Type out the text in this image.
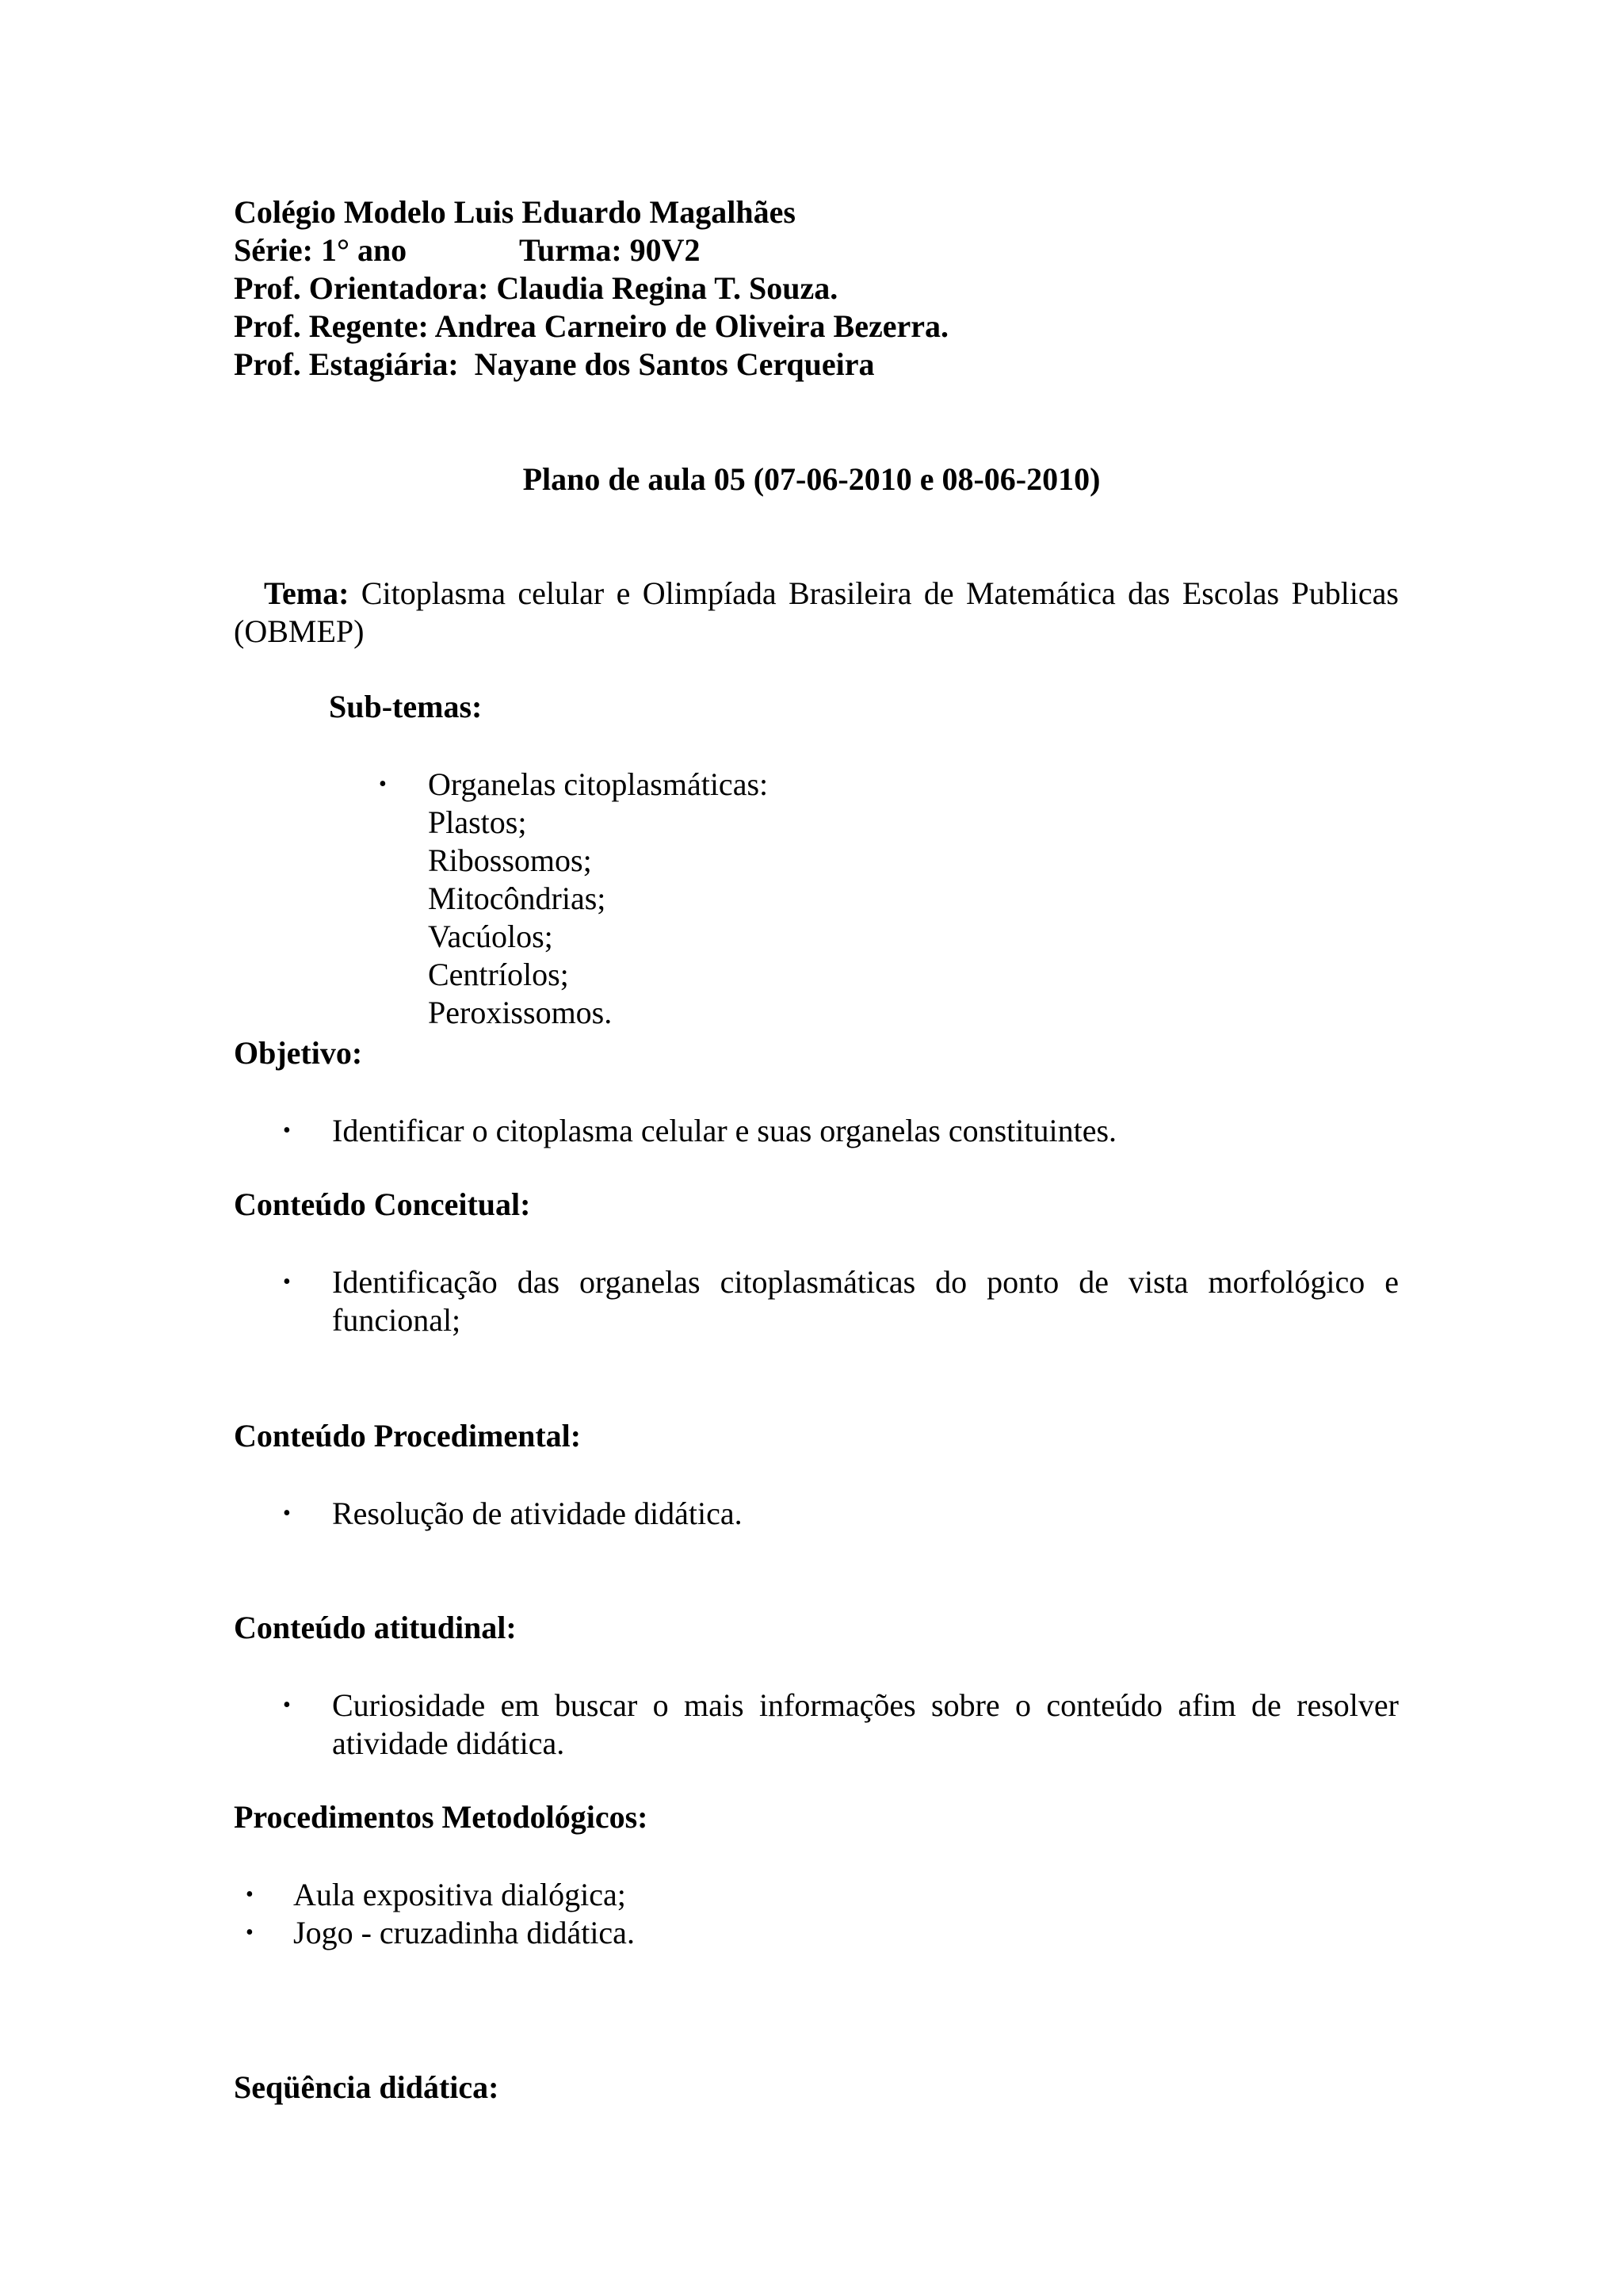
Colégio Modelo Luis Eduardo Magalhães
Série: 1° ano	Turma: 90V2
Prof. Orientadora: Claudia Regina T. Souza.
Prof. Regente: Andrea Carneiro de Oliveira Bezerra.
Prof. Estagiária:  Nayane dos Santos Cerqueira
Plano de aula 05 (07-06-2010 e 08-06-2010)
Tema: Citoplasma celular e Olimpíada Brasileira de Matemática das Escolas Publicas (OBMEP)
Sub-temas:
• Organelas citoplasmáticas:
Plastos;
Ribossomos;
Mitocôndrias;
Vacúolos;
Centríolos;
Peroxissomos.
Objetivo:
• Identificar o citoplasma celular e suas organelas constituintes.
Conteúdo Conceitual:
• Identificação das organelas citoplasmáticas do ponto de vista morfológico e funcional;
Conteúdo Procedimental:
• Resolução de atividade didática.
Conteúdo atitudinal:
• Curiosidade em buscar o mais informações sobre o conteúdo afim de resolver atividade didática.
Procedimentos Metodológicos:
• Aula expositiva dialógica;
• Jogo - cruzadinha didática.
Seqüência didática:
